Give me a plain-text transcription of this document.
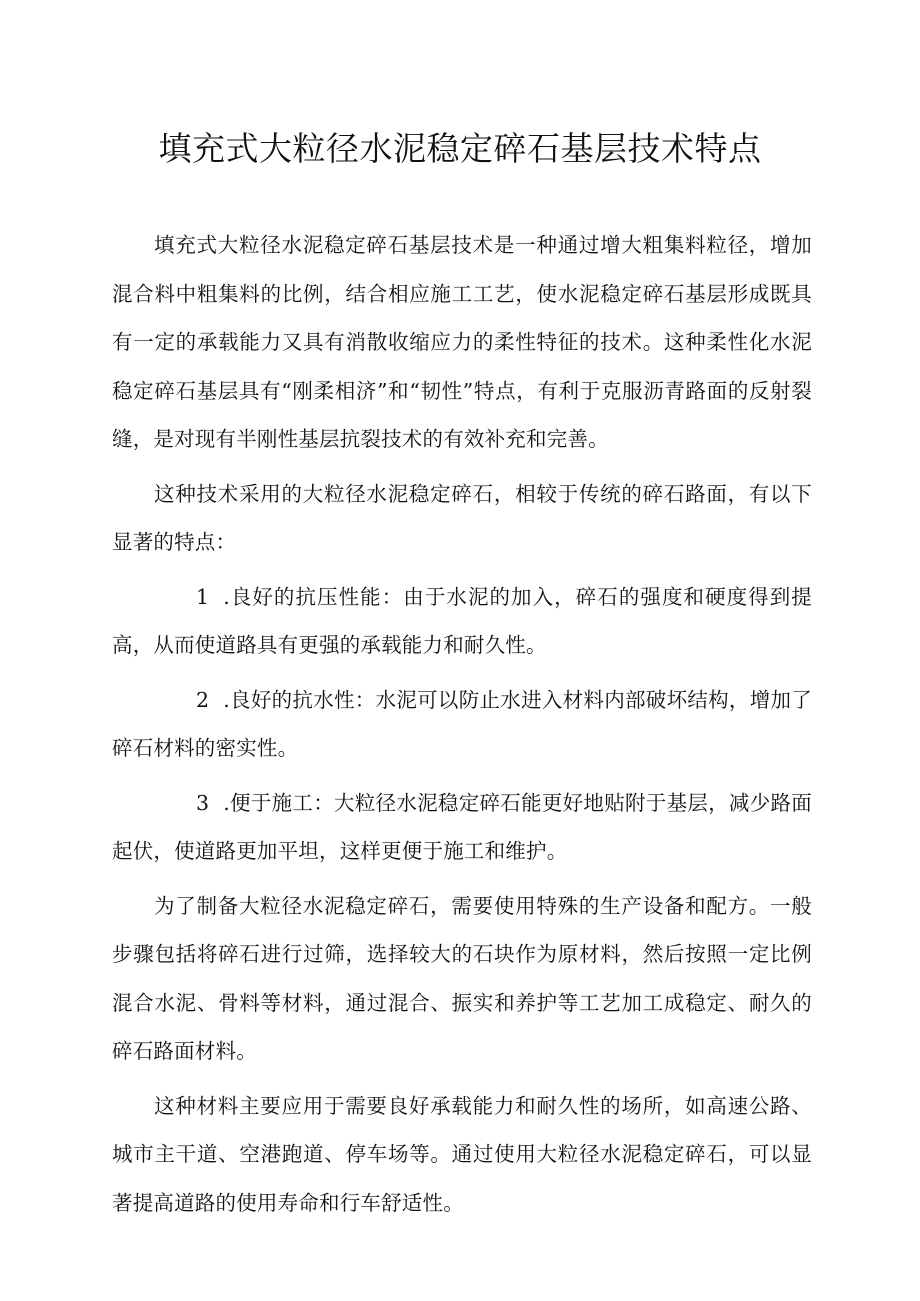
填充式大粒径水泥稳定碎石基层技术特点

填充式大粒径水泥稳定碎石基层技术是一种通过增大粗集料粒径，增加混合料中粗集料的比例，结合相应施工工艺，使水泥稳定碎石基层形成既具有一定的承载能力又具有消散收缩应力的柔性特征的技术。这种柔性化水泥稳定碎石基层具有“刚柔相济”和“韧性”特点，有利于克服沥青路面的反射裂缝，是对现有半刚性基层抗裂技术的有效补充和完善。

这种技术采用的大粒径水泥稳定碎石，相较于传统的碎石路面，有以下显著的特点：

1 .良好的抗压性能：由于水泥的加入，碎石的强度和硬度得到提高，从而使道路具有更强的承载能力和耐久性。

2 .良好的抗水性：水泥可以防止水进入材料内部破坏结构，增加了碎石材料的密实性。

3 .便于施工：大粒径水泥稳定碎石能更好地贴附于基层，减少路面起伏，使道路更加平坦，这样更便于施工和维护。

为了制备大粒径水泥稳定碎石，需要使用特殊的生产设备和配方。一般步骤包括将碎石进行过筛，选择较大的石块作为原材料，然后按照一定比例混合水泥、骨料等材料，通过混合、振实和养护等工艺加工成稳定、耐久的碎石路面材料。

这种材料主要应用于需要良好承载能力和耐久性的场所，如高速公路、城市主干道、空港跑道、停车场等。通过使用大粒径水泥稳定碎石，可以显著提高道路的使用寿命和行车舒适性。
